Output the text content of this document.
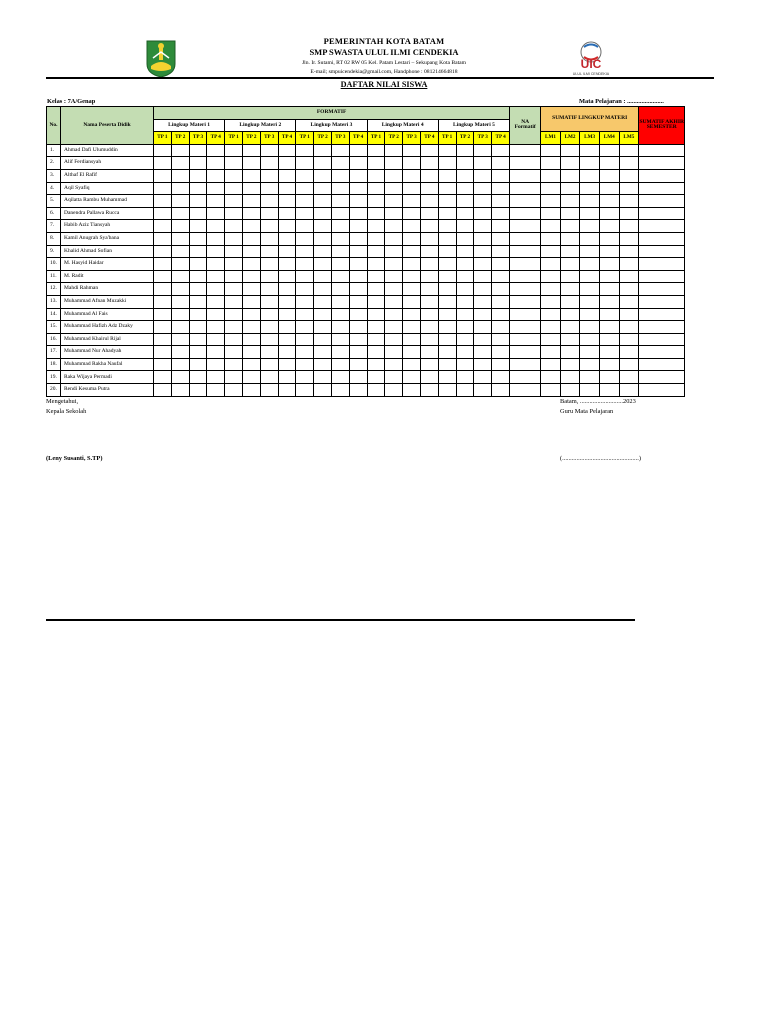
UIC
ULUL ILMI CENDEKIA
PEMERINTAH KOTA BATAM
SMP SWASTA ULUL ILMI CENDEKIA
Jln. Ir. Sutami, RT 02 RW 05 Kel. Patam Lestari – Sekupang Kota Batam
E-mail; smpuicendekia@gmail.com, Handphone : 081214664818
DAFTAR NILAI SISWA
Kelas : 7A/Genap	Mata Pelajaran : .......................
No.	Nama Peserta Didik	FORMATIF																				NA Formatif	SUMATIF LINGKUP MATERI					SUMATIF AKHIR SEMESTER
		Lingkup Materi 1				Lingkup Materi 2				Lingkup Materi 3				Lingkup Materi 4				Lingkup Materi 5										
		TP 1	TP 2	TP 3	TP 4	TP 1	TP 2	TP 3	TP 4	TP 1	TP 2	TP 3	TP 4	TP 1	TP 2	TP 3	TP 4	TP 1	TP 2	TP 3	TP 4		LM1	LM2	LM3	LM4	LM5	
1.	Ahmad Dafi Ulumuddin																											
2.	Alif Ferdiansyah																											
3.	Althaf El Rafif																											
4.	Aqil Syafiq																											
5.	Aqilatta Rambu Muhammad																											
6.	Danendra Pallawa Rucca																											
7.	Habib Aziz Tiansyah																											
8.	Kamil Anugrah Sya'bana																											
9.	Khalid Ahmad Sofian																											
10.	M. Hasyid Haidar																											
11.	M. Radit																											
12.	Mahdi Rahman																											
13.	Muhammad Afnan Muzakki																											
14.	Muhammad Al Fais																											
15.	Muhammad Hafizh Adz Dzaky																											
16.	Muhammad Khairul Rijal																											
17.	Muhammad Nur Ahadyah																											
18.	Muhammad Rakha Naufal																											
19.	Raka Wijaya Permadi																											
20.	Rendi Kesuma Putra																											
Mengetahui,
Kepala Sekolah
(Leny Susanti, S.TP)
Batam, ...........................2023
Guru Mata Pelajaran
(................................................)
